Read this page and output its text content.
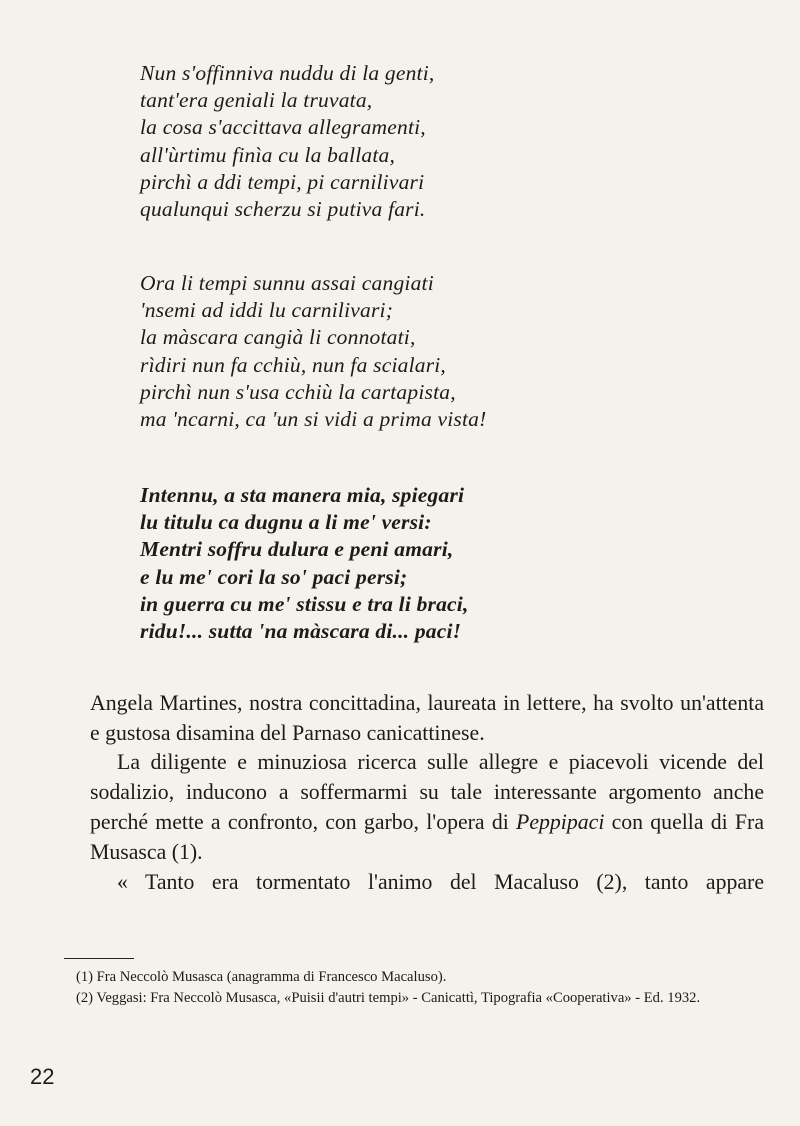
Nun s'offinniva nuddu di la genti,
tant'era geniali la truvata,
la cosa s'accittava allegramenti,
all'ùrtimu finìa cu la ballata,
pirchì a ddi tempi, pi carnilivari
qualunqui scherzu si putiva fari.
Ora li tempi sunnu assai cangiati
'nsemi ad iddi lu carnilivari;
la màscara cangià li connotati,
rìdiri nun fa cchiù, nun fa scialari,
pirchì nun s'usa cchiù la cartapista,
ma 'ncarni, ca 'un si vidi a prima vista!
Intennu, a sta manera mia, spiegari
lu titulu ca dugnu a li me' versi:
Mentri soffru dulura e peni amari,
e lu me' cori la so' paci persi;
in guerra cu me' stissu e tra li braci,
ridu!... sutta 'na màscara di... paci!

Angela Martines, nostra concittadina, laureata in lettere, ha svolto un'attenta e gustosa disamina del Parnaso canicattinese.

La diligente e minuziosa ricerca sulle allegre e piacevoli vicende del sodalizio, inducono a soffermarmi su tale interessante argomento anche perché mette a confronto, con garbo, l'opera di Peppipaci con quella di Fra Musasca (1).

« Tanto era tormentato l'animo del Macaluso (2), tanto appare

(1) Fra Neccolò Musasca (anagramma di Francesco Macaluso).

(2) Veggasi: Fra Neccolò Musasca, «Puisii d'autri tempi» - Canicattì, Tipografia «Cooperativa» - Ed. 1932.

22
